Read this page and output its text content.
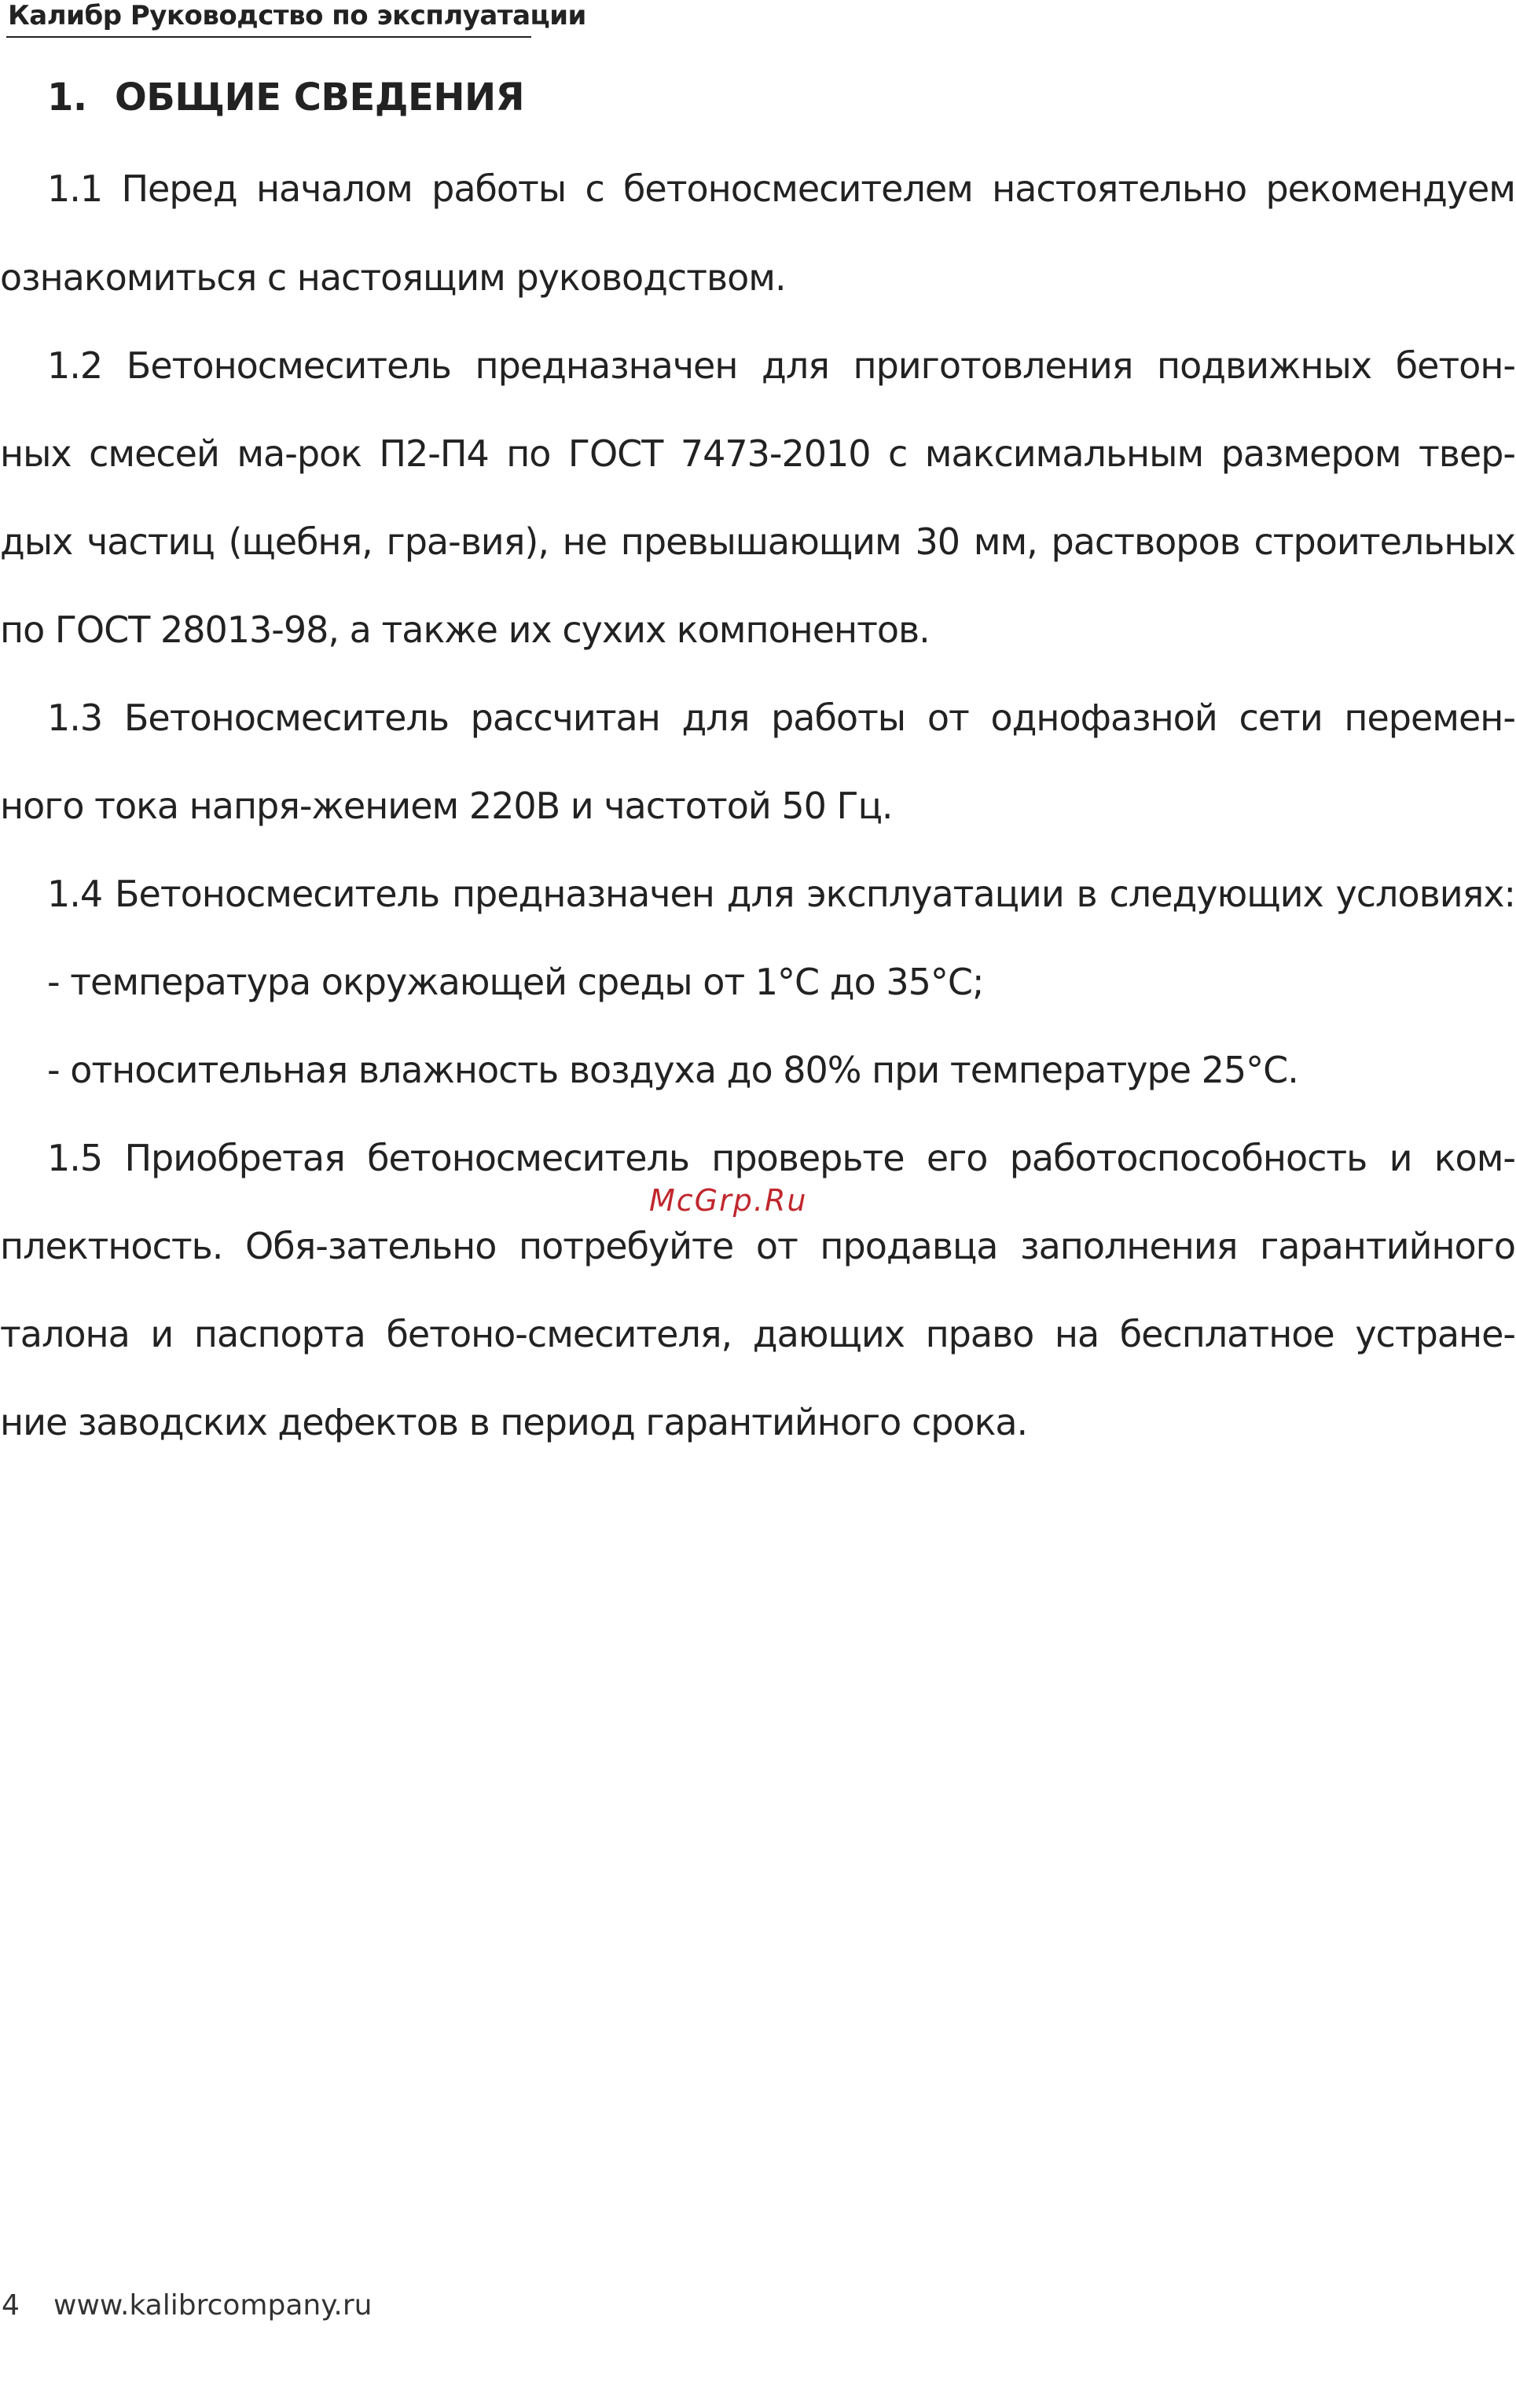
Калибр Руководство по эксплуатации
1. ОБЩИЕ СВЕДЕНИЯ
1.1 Перед началом работы с бетоносмесителем настоятельно рекомендуем
ознакомиться с настоящим руководством.
1.2 Бетоносмеситель предназначен для приготовления подвижных бетон-
ных смесей ма-рок П2-П4 по ГОСТ 7473-2010 с максимальным размером твер-
дых частиц (щебня, гра-вия), не превышающим 30 мм, растворов строительных
по ГОСТ 28013-98, а также их сухих компонентов.
1.3 Бетоносмеситель рассчитан для работы от однофазной сети перемен-
ного тока напря-жением 220В и частотой 50 Гц.
1.4 Бетоносмеситель предназначен для эксплуатации в следующих условиях:
- температура окружающей среды от 1°С до 35°С;
- относительная влажность воздуха до 80% при температуре 25°С.
1.5 Приобретая бетоносмеситель проверьте его работоспособность и ком-
плектность. Обя-зательно потребуйте от продавца заполнения гарантийного
талона и паспорта бетоно-смесителя, дающих право на бесплатное устране-
ние заводских дефектов в период гарантийного срока.
McGrp.Ru
4 www.kalibrcompany.ru
